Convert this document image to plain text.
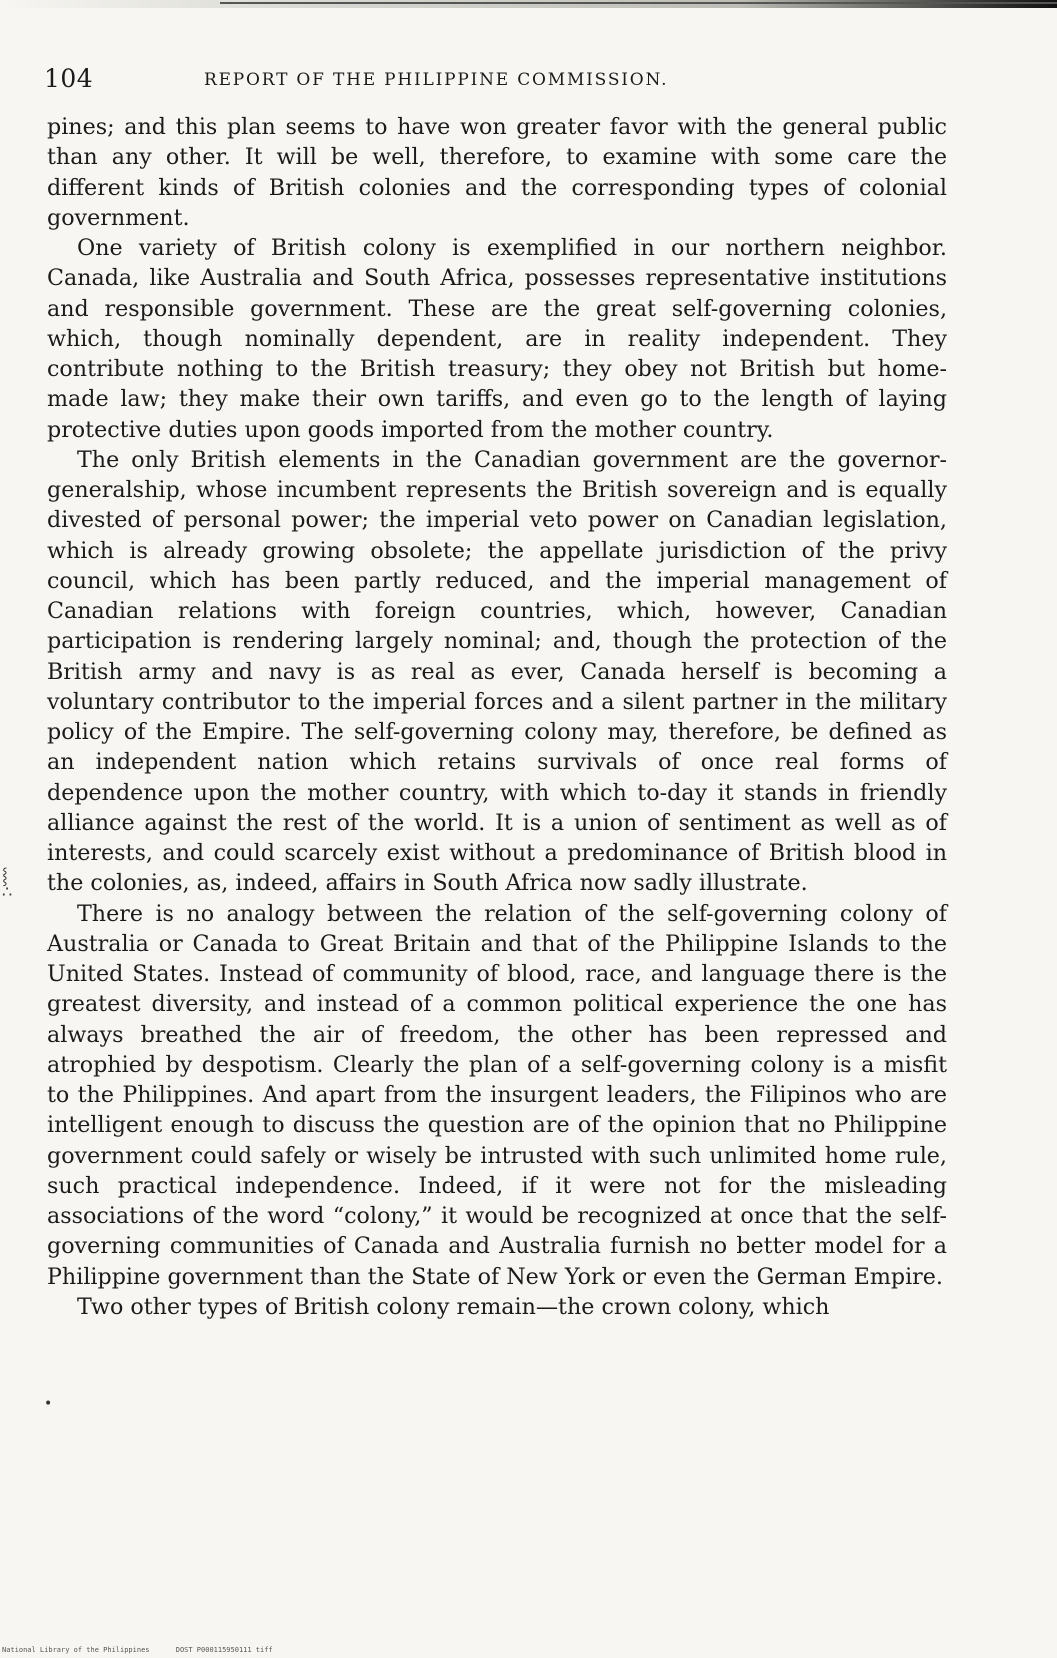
104	REPORT OF THE PHILIPPINE COMMISSION.

pines; and this plan seems to have won greater favor with the general public than any other. It will be well, therefore, to examine with some care the different kinds of British colonies and the corresponding types of colonial government.

One variety of British colony is exemplified in our northern neighbor. Canada, like Australia and South Africa, possesses representative institutions and responsible government. These are the great self-governing colonies, which, though nominally dependent, are in reality independent. They contribute nothing to the British treasury; they obey not British but home-made law; they make their own tariffs, and even go to the length of laying protective duties upon goods imported from the mother country.

The only British elements in the Canadian government are the governor-generalship, whose incumbent represents the British sovereign and is equally divested of personal power; the imperial veto power on Canadian legislation, which is already growing obsolete; the appellate jurisdiction of the privy council, which has been partly reduced, and the imperial management of Canadian relations with foreign countries, which, however, Canadian participation is rendering largely nominal; and, though the protection of the British army and navy is as real as ever, Canada herself is becoming a voluntary contributor to the imperial forces and a silent partner in the military policy of the Empire. The self-governing colony may, therefore, be defined as an independent nation which retains survivals of once real forms of dependence upon the mother country, with which to-day it stands in friendly alliance against the rest of the world. It is a union of sentiment as well as of interests, and could scarcely exist without a predominance of British blood in the colonies, as, indeed, affairs in South Africa now sadly illustrate.

There is no analogy between the relation of the self-governing colony of Australia or Canada to Great Britain and that of the Philippine Islands to the United States. Instead of community of blood, race, and language there is the greatest diversity, and instead of a common political experience the one has always breathed the air of freedom, the other has been repressed and atrophied by despotism. Clearly the plan of a self-governing colony is a misfit to the Philippines. And apart from the insurgent leaders, the Filipinos who are intelligent enough to discuss the question are of the opinion that no Philippine government could safely or wisely be intrusted with such unlimited home rule, such practical independence. Indeed, if it were not for the misleading associations of the word “colony,” it would be recognized at once that the self-governing communities of Canada and Australia furnish no better model for a Philippine government than the State of New York or even the German Empire.

Two other types of British colony remain—the crown colony, which

⸾
∴
•
National Library of the Philippines	DOST P000115950111 tiff
